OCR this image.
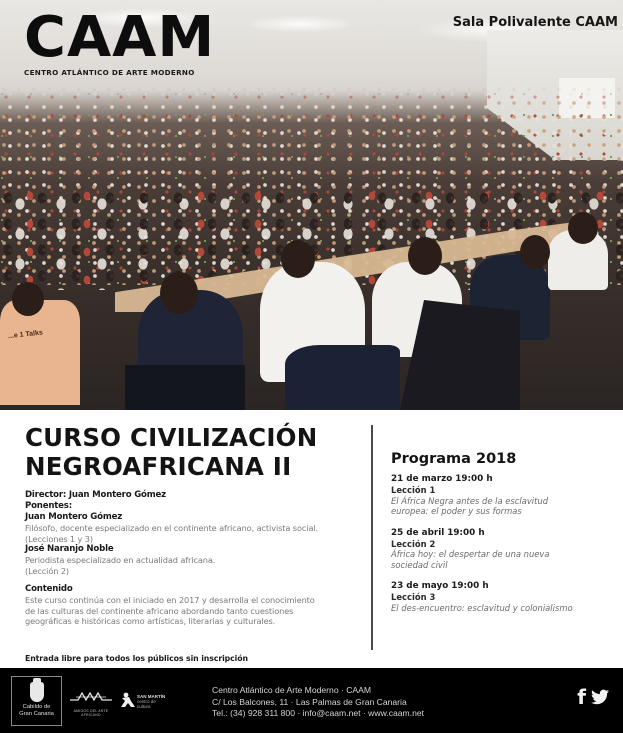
...e 1 Talks
CAAM
CENTRO ATLÁNTICO DE ARTE MODERNO
Sala Polivalente CAAM
CURSO CIVILIZACIÓN
NEGROAFRICANA II
Director: Juan Montero Gómez
Ponentes:
Juan Montero Gómez
Filósofo, docente especializado en el continente africano, activista social.
(Lecciones 1 y 3)
José Naranjo Noble
Periodista especializado en actualidad africana.
(Lección 2)
Contenido
Este curso continúa con el iniciado en 2017 y desarrolla el conocimiento
de las culturas del continente africano abordando tanto cuestiones
geográficas e históricas como artísticas, literarias y culturales.
Entrada libre para todos los públicos sin inscripción
Programa 2018
21 de marzo 19:00 h
Lección 1
El África Negra antes de la esclavitud
europea: el poder y sus formas
25 de abril 19:00 h
Lección 2
África hoy: el despertar de una nueva
sociedad civil
23 de mayo 19:00 h
Lección 3
El des-encuentro: esclavitud y colonialismo
Cabildo de
Gran Canaria	AMIGOS DEL ARTE AFRICANO
SAN MARTÍN
centro de
cultura
Centro Atlántico de Arte Moderno · CAAM
C/ Los Balcones, 11 · Las Palmas de Gran Canaria
Tel.: (34) 928 311 800 · info@caam.net · www.caam.net
f
